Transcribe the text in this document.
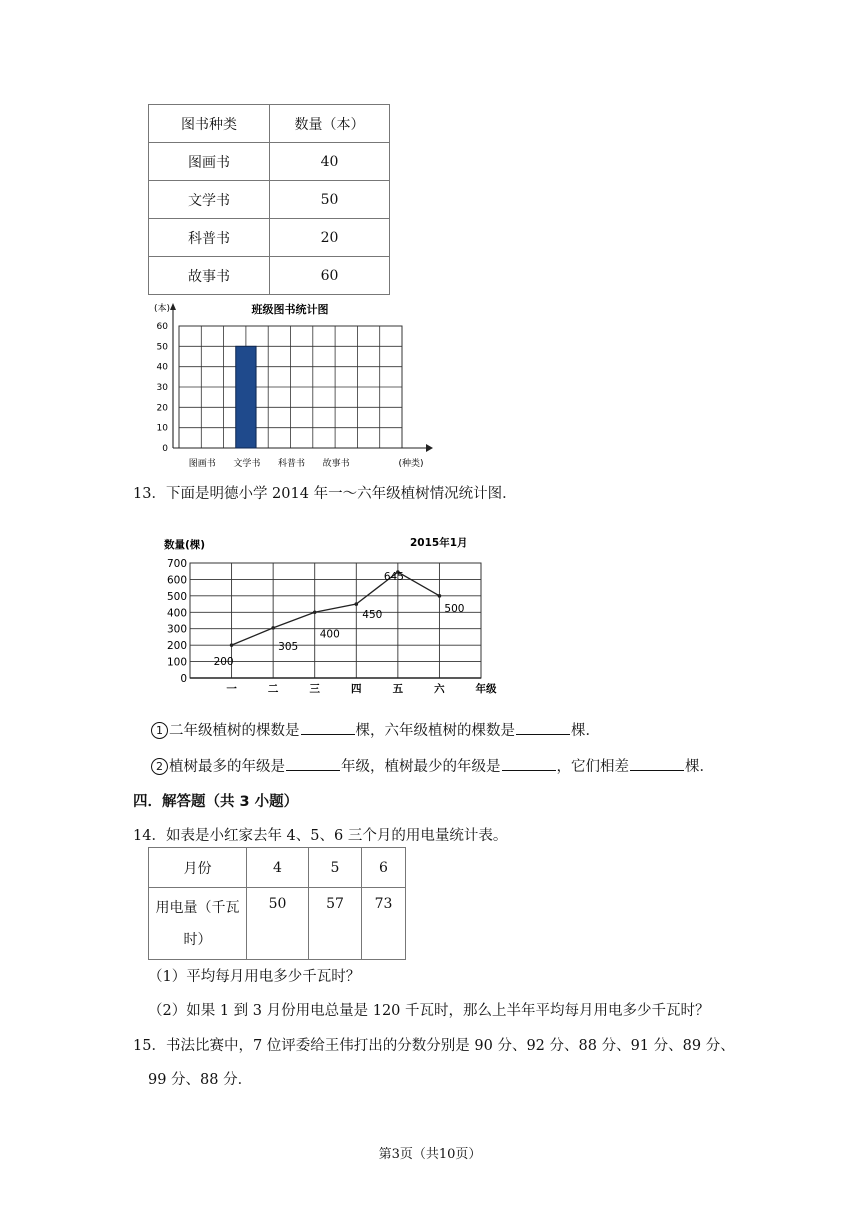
图书种类	数量（本）
图画书	40
文学书	50
科普书	20
故事书	60
班级图书统计图
(本)
0
10
20
30
40
50
60
图画书 文学书 科普书 故事书	(种类)
13．下面是明德小学 2014 年一～六年级植树情况统计图．
数量(棵)	2015年1月
0
100
200
300
400
500
600
700
200
一
305
二
400
三
450
四
645
五
500
六	年级
1 二年级植树的棵数是	棵，六年级植树的棵数是	棵．
2 植树最多的年级是	年级，植树最少的年级是	，它们相差	棵．
四．解答题（共 3 小题）
14．如表是小红家去年 4、5、6 三个月的用电量统计表。
月份	4	5	6

用电量（千瓦时）	50	57	73
（1）平均每月用电多少千瓦时？
（2）如果 1 到 3 月份用电总量是 120 千瓦时，那么上半年平均每月用电多少千瓦时？
15．书法比赛中，7 位评委给王伟打出的分数分别是 90 分、92 分、88 分、91 分、89 分、
99 分、88 分．
第3页（共10页）
